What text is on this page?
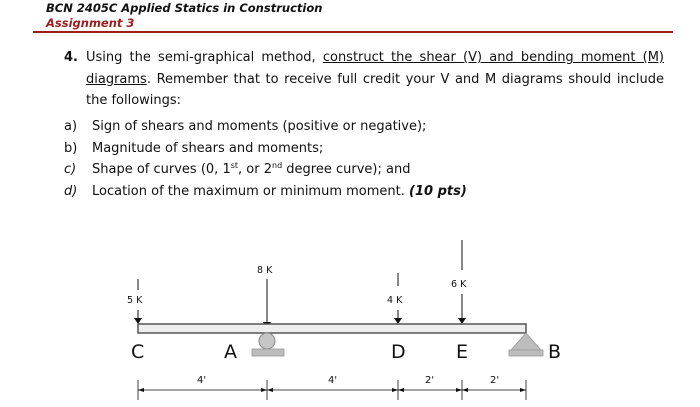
BCN 2405C Applied Statics in Construction
Assignment 3
4. Using the semi-graphical method, construct the shear (V) and bending moment (M) diagrams. Remember that to receive full credit your V and M diagrams should include the followings:
a) Sign of shears and moments (positive or negative);
b) Magnitude of shears and moments;
c) Shape of curves (0, 1st, or 2nd degree curve); and
d) Location of the maximum or minimum moment. (10 pts)
5 K
8 K
4 K
6 K
C	A	D	E	B
4'	4'	2'	2'
